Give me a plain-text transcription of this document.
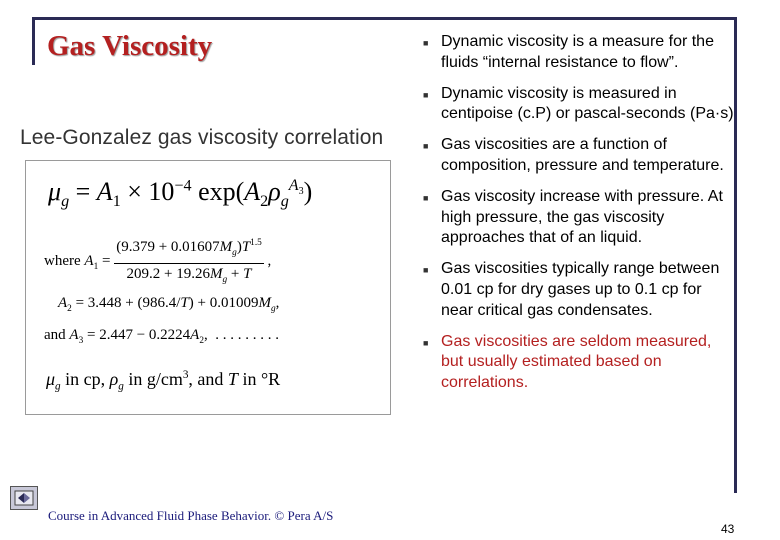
Gas Viscosity
Lee-Gonzalez gas viscosity correlation
$\mu_g = A_1 \times 10^{-4}$ $\exp(A_2\rho_g^{A_3})$
where $A_1 = \frac{(9.379 + 0.01607M_g)T^{1.5}}{209.2 + 19.26M_g + T}$ ,
$A_2 = 3.448 + (986.4/T) + 0.01009M_g$,
and $A_3 = 2.447 - 0.2224A_2$,  . . . . . . . . .
$\mu_g$ in cp, $\rho_g$ in $g/cm^3$, and T in °R
■ Dynamic viscosity is a measure for the fluids “internal resistance to flow”.
■ Dynamic viscosity is measured in centipoise (c.P) or pascal-seconds (Pa·s)
■ Gas viscosities are a function of composition, pressure and temperature.
■ Gas viscosity increase with pressure. At high pressure, the gas viscosity approaches that of an liquid.
■ Gas viscosities typically range between 0.01 cp for dry gases up to 0.1 cp for near critical gas condensates.
■ Gas viscosities are seldom measured, but usually estimated based on correlations.
Course in Advanced Fluid Phase Behavior. © Pera A/S
43
